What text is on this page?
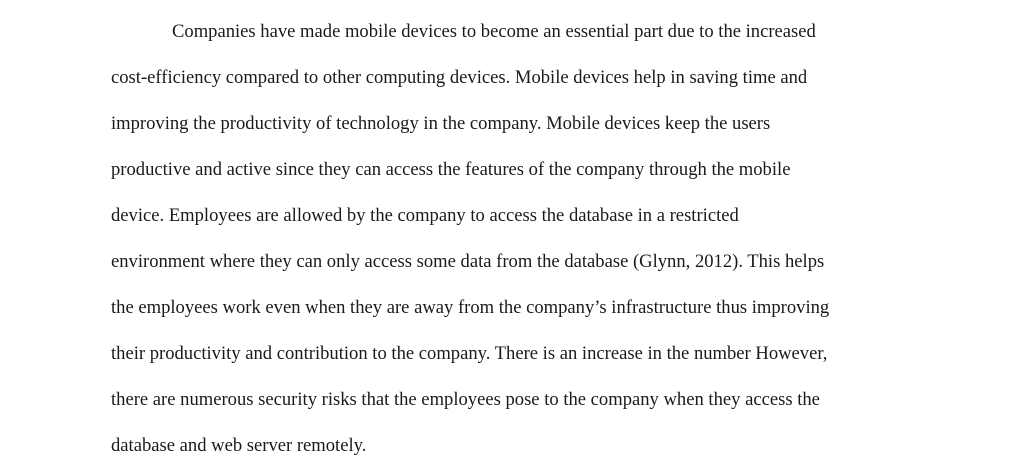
Companies have made mobile devices to become an essential part due to the increased
cost-efficiency compared to other computing devices. Mobile devices help in saving time and
improving the productivity of technology in the company. Mobile devices keep the users
productive and active since they can access the features of the company through the mobile
device. Employees are allowed by the company to access the database in a restricted
environment where they can only access some data from the database (Glynn, 2012). This helps
the employees work even when they are away from the company’s infrastructure thus improving
their productivity and contribution to the company. There is an increase in the number However,
there are numerous security risks that the employees pose to the company when they access the
database and web server remotely.
